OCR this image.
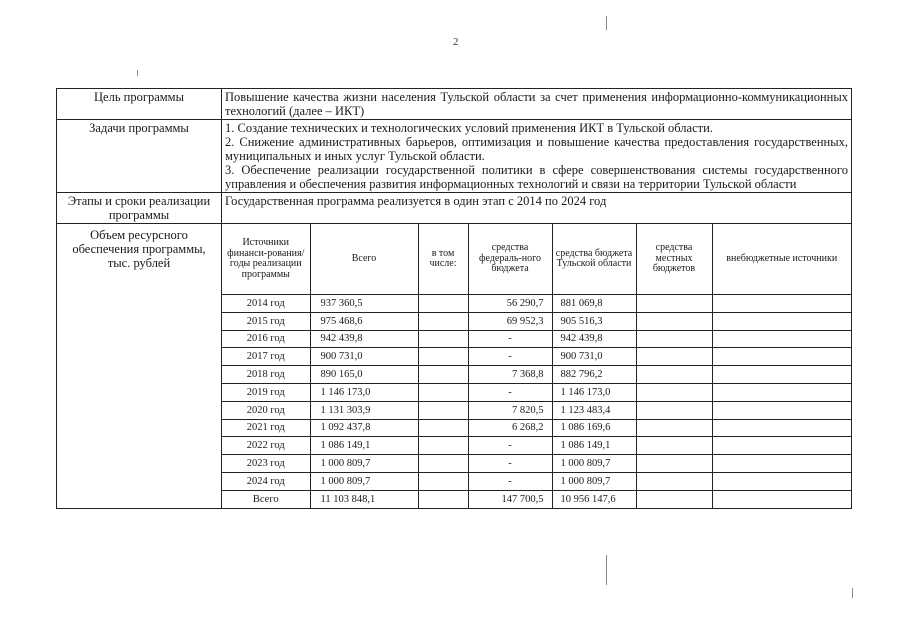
2
Цель программы	Повышение качества жизни населения Тульской области за счет применения информационно-коммуникационных технологий (далее – ИКТ)
Задачи программы	1. Создание технических и технологических условий применения ИКТ в Тульской области.
2. Снижение административных барьеров, оптимизация и повышение качества предоставления государственных, муниципальных и иных услуг Тульской области.
3. Обеспечение реализации государственной политики в сфере совершенствования системы государственного управления и обеспечения развития информационных технологий и связи на территории Тульской области

Этапы и сроки реализации программы	Государственная программа реализуется в один этап с 2014 по 2024 год
Объем ресурсного обеспечения программы, тыс. рублей	
Источники финанси-рования/ годы реализации программы	Всего	в том числе:	средства федераль-ного бюджета	средства бюджета Тульской области	средства местных бюджетов	внебюджетные источники
2014 год	937 360,5		56 290,7	881 069,8		
2015 год	975 468,6		69 952,3	905 516,3		
2016 год	942 439,8		-	942 439,8		
2017 год	900 731,0		-	900 731,0		
2018 год	890 165,0		7 368,8	882 796,2		
2019 год	1 146 173,0		-	1 146 173,0		
2020 год	1 131 303,9		7 820,5	1 123 483,4		
2021 год	1 092 437,8		6 268,2	1 086 169,6		
2022 год	1 086 149,1		-	1 086 149,1		
2023 год	1 000 809,7		-	1 000 809,7		
2024 год	1 000 809,7		-	1 000 809,7		
Всего	11 103 848,1		147 700,5	10 956 147,6		
